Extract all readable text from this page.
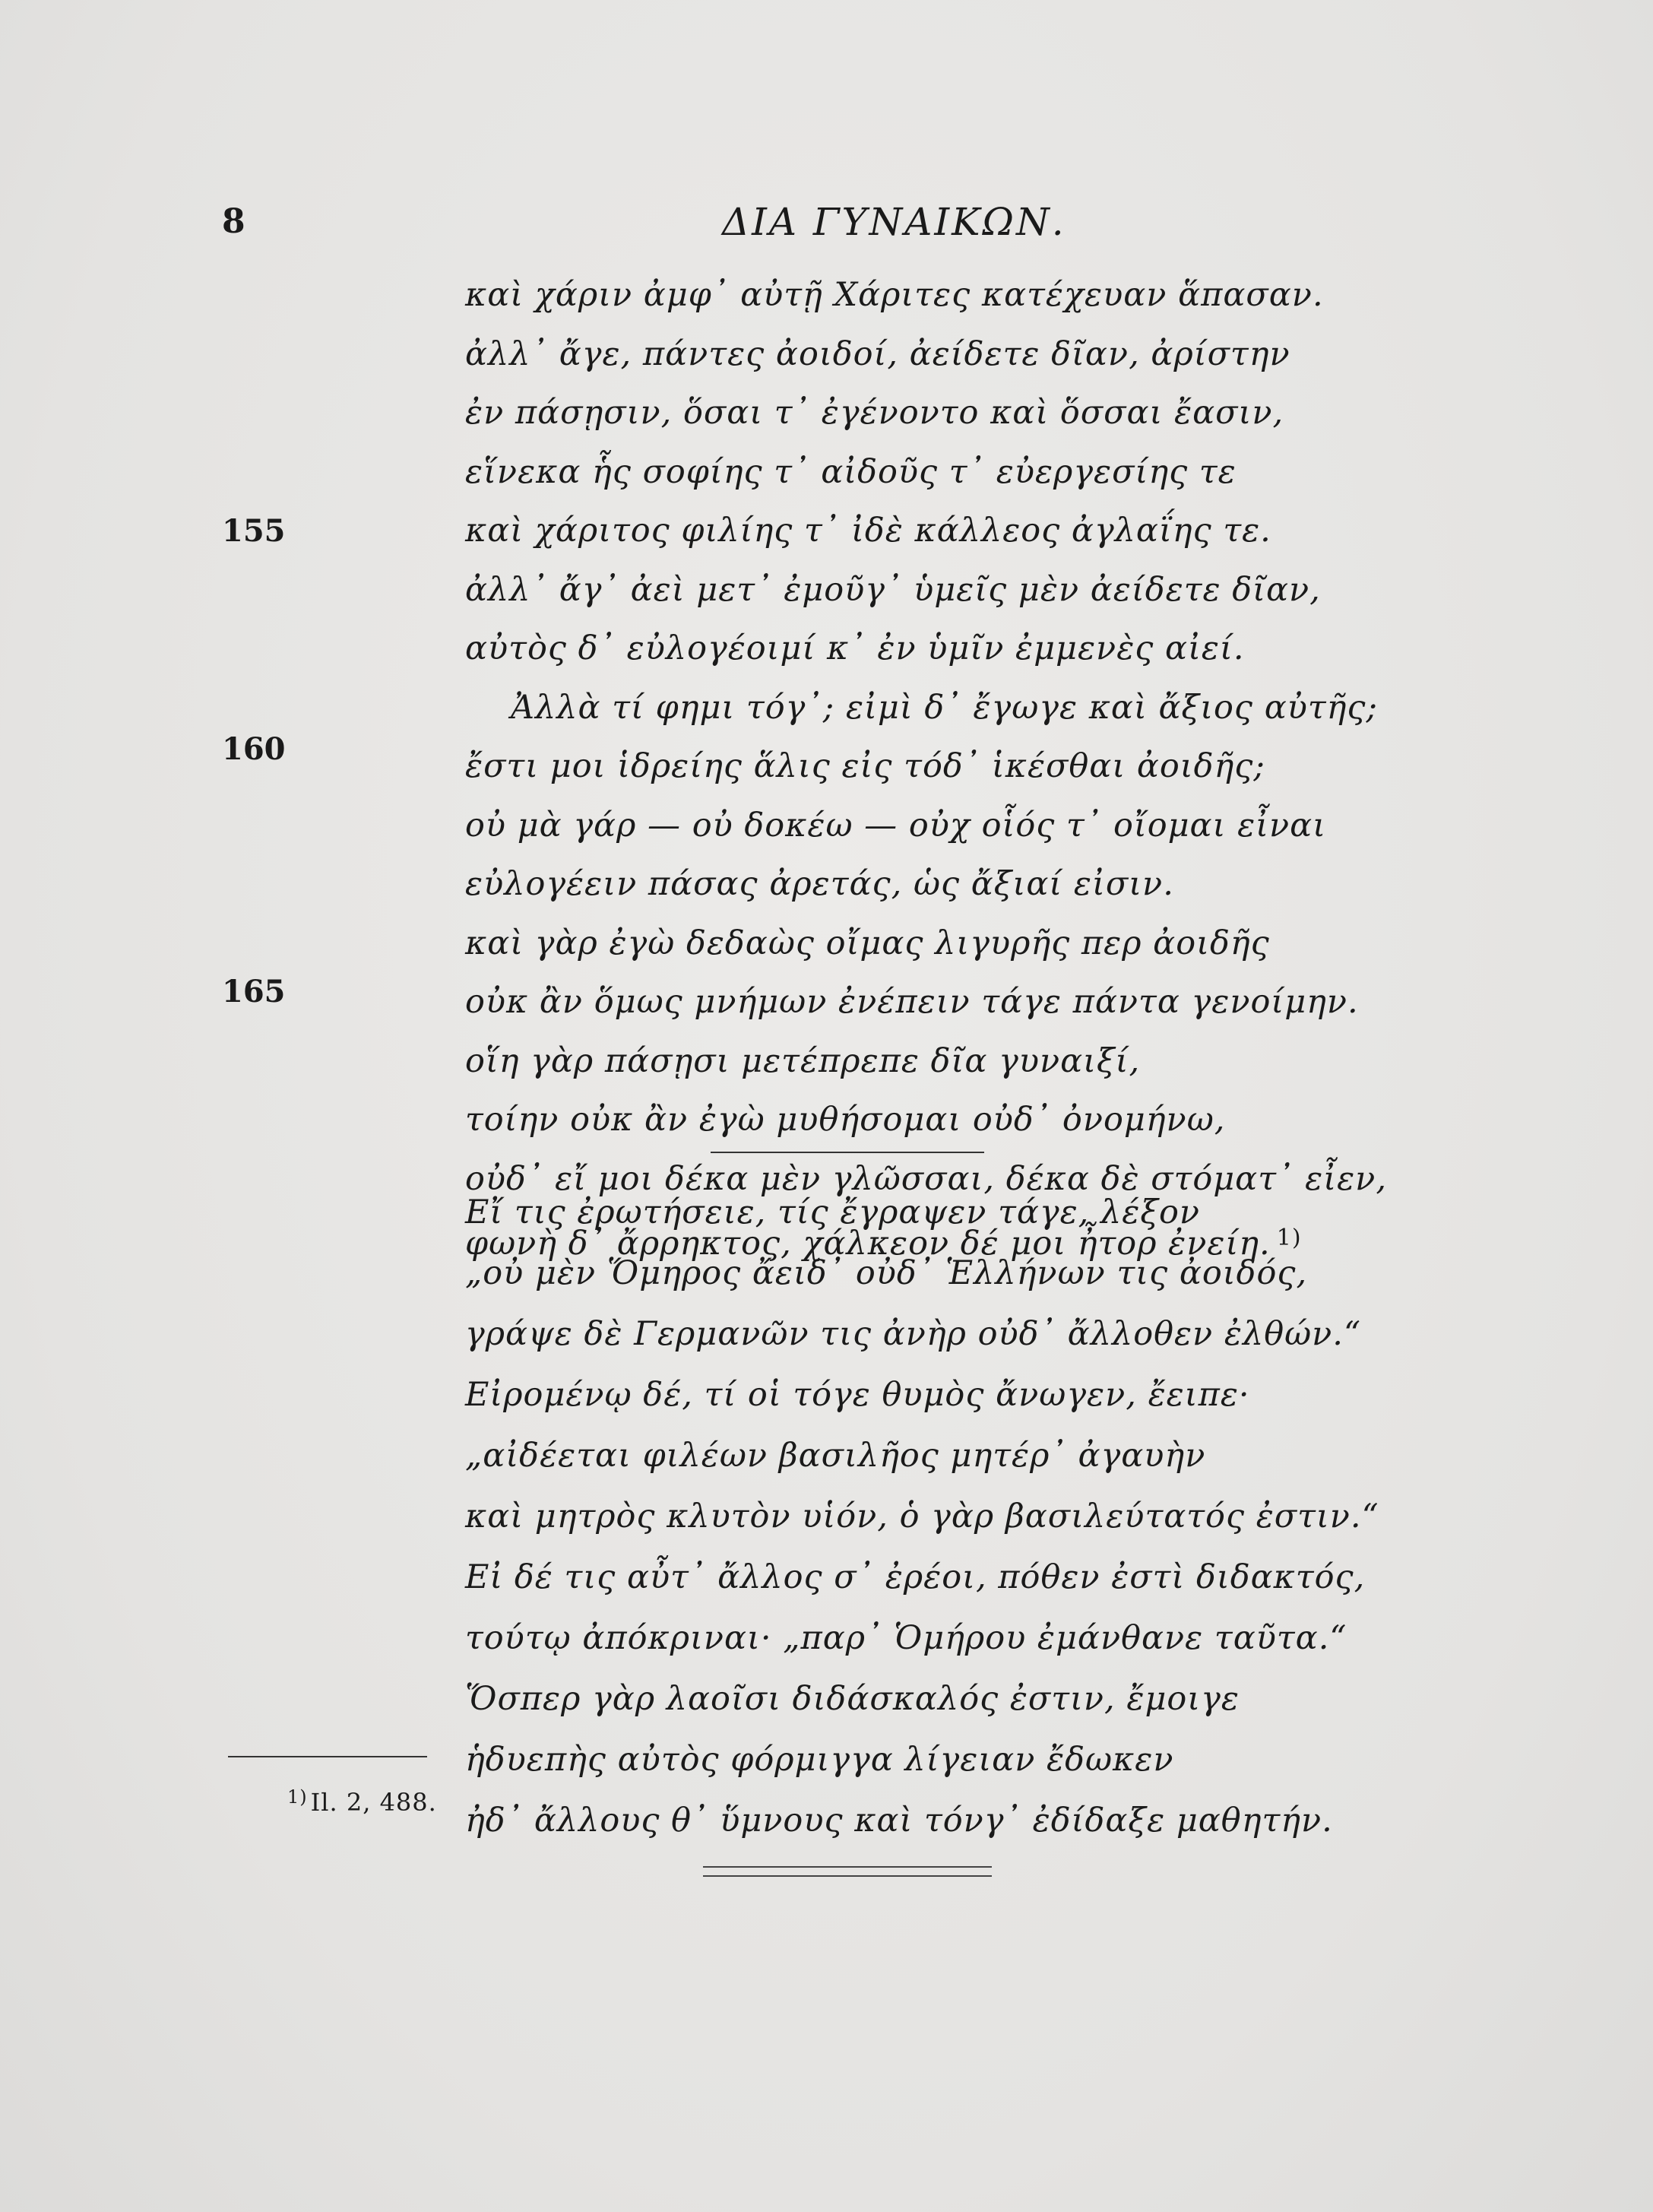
8	ΔΙΑ ΓΥΝΑΙΚΩΝ.
155
160
165
καὶ χάριν ἀμφ᾽ αὐτῇ Χάριτες κατέχευαν ἅπασαν.
ἀλλ᾽ ἄγε, πάντες ἀοιδοί, ἀείδετε δῖαν, ἀρίστην
ἐν πάσῃσιν, ὅσαι τ᾽ ἐγένοντο καὶ ὅσσαι ἔασιν,
εἵνεκα ἧς σοφίης τ᾽ αἰδοῦς τ᾽ εὐεργεσίης τε
καὶ χάριτος φιλίης τ᾽ ἰδὲ κάλλεος ἀγλαΐης τε.
ἀλλ᾽ ἄγ᾽ ἀεὶ μετ᾽ ἐμοῦγ᾽ ὑμεῖς μὲν ἀείδετε δῖαν,
αὐτὸς δ᾽ εὐλογέοιμί κ᾽ ἐν ὑμῖν ἐμμενὲς αἰεί.
Ἀλλὰ τί φημι τόγ᾽; εἰμὶ δ᾽ ἔγωγε καὶ ἄξιος αὐτῆς;
ἔστι μοι ἱδρείης ἅλις εἰς τόδ᾽ ἱκέσθαι ἀοιδῆς;
οὐ μὰ γάρ — οὐ δοκέω — οὐχ οἷός τ᾽ οἴομαι εἶναι
εὐλογέειν πάσας ἀρετάς, ὡς ἄξιαί εἰσιν.
καὶ γὰρ ἐγὼ δεδαὼς οἴμας λιγυρῆς περ ἀοιδῆς
οὐκ ἂν ὅμως μνήμων ἐνέπειν τάγε πάντα γενοίμην.
οἵη γὰρ πάσῃσι μετέπρεπε δῖα γυναιξί,
τοίην οὐκ ἂν ἐγὼ μυθήσομαι οὐδ᾽ ὀνομήνω,
οὐδ᾽ εἴ μοι δέκα μὲν γλῶσσαι, δέκα δὲ στόματ᾽ εἶεν,
φωνὴ δ᾽ ἄρρηκτος, χάλκεον δέ μοι ἦτορ ἐνείη. $^{1)}$
Εἴ τις ἐρωτήσειε, τίς ἔγραψεν τάγε, λέξον
„οὐ μὲν Ὅμηρος ἄειδ᾽ οὐδ᾽ Ἑλλήνων τις ἀοιδός,
γράψε δὲ Γερμανῶν τις ἀνὴρ οὐδ᾽ ἄλλοθεν ἐλθών.“
Εἰρομένῳ δέ, τί οἱ τόγε θυμὸς ἄνωγεν, ἔειπε·
„αἰδέεται φιλέων βασιλῆος μητέρ᾽ ἀγαυὴν
καὶ μητρὸς κλυτὸν υἱόν, ὁ γὰρ βασιλεύτατός ἐστιν.“
Εἰ δέ τις αὖτ᾽ ἄλλος σ᾽ ἐρέοι, πόθεν ἐστὶ διδακτός,
τούτῳ ἀπόκριναι· „παρ᾽ Ὁμήρου ἐμάνθανε ταῦτα.“
Ὅσπερ γὰρ λαοῖσι διδάσκαλός ἐστιν, ἔμοιγε
ἡδυεπὴς αὐτὸς φόρμιγγα λίγειαν ἔδωκεν
ἠδ᾽ ἄλλους θ᾽ ὕμνους καὶ τόνγ᾽ ἐδίδαξε μαθητήν.
$^{1)}$ Il. 2, 488.
